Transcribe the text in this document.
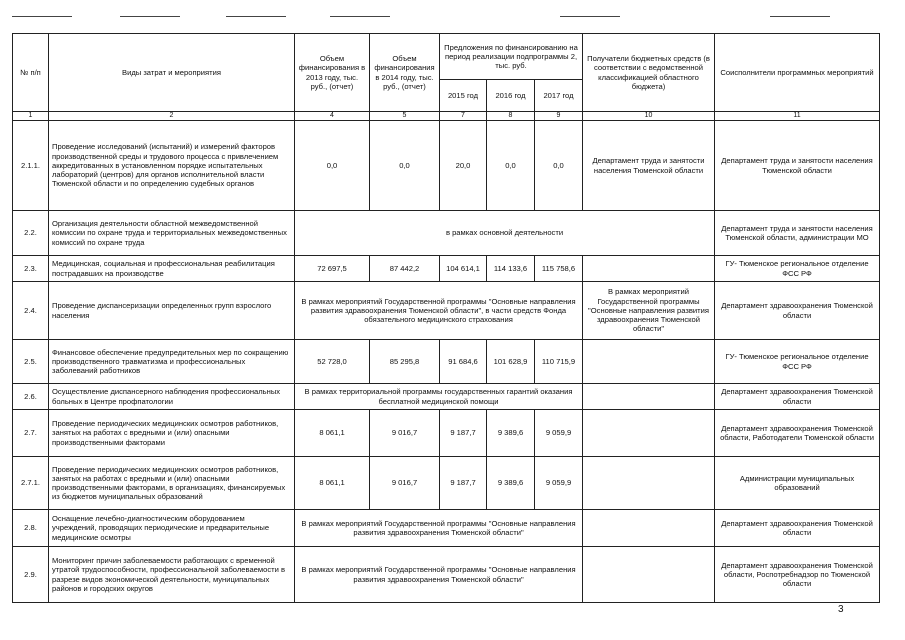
№ п/п	Виды затрат и мероприятия	Объем финансирования в 2013 году, тыс. руб., (отчет)	Объем финансирования в 2014 году, тыс. руб., (отчет)	Предложения по финансированию на период реализации подпрограммы 2, тыс. руб.			Получатели бюджетных средств (в соответствии с ведомственной классификацией областного бюджета)	Соисполнители программных мероприятий
				2015 год	2016 год	2017 год		
1	2	4	5	7	8	9	10	11
2.1.1.	Проведение исследований (испытаний) и измерений факторов производственной среды и трудового процесса с привлечением аккредитованных в установленном порядке испытательных лабораторий (центров) для органов исполнительной власти Тюменской области и по определению судебных органов	0,0	0,0	20,0	0,0	0,0	Департамент труда и занятости населения Тюменской области	Департамент труда и занятости населения Тюменской области
2.2.	Организация деятельности областной межведомственной комиссии по охране труда и территориальных межведомственных комиссий по охране труда	в рамках основной деятельности						Департамент труда и занятости населения Тюменской области, администрации МО
2.3.	Медицинская, социальная и профессиональная реабилитация пострадавших на производстве	72 697,5	87 442,2	104 614,1	114 133,6	115 758,6		ГУ- Тюменское региональное отделение ФСС РФ
2.4.	Проведение диспансеризации определенных групп взрослого населения	В рамках мероприятий Государственной программы "Основные направления развития здравоохранения Тюменской области", в части средств Фонда обязательного медицинского страхования					В рамках мероприятий Государственной программы "Основные направления развития здравоохранения Тюменской области"	Департамент здравоохранения Тюменской области
2.5.	Финансовое обеспечение предупредительных мер по сокращению производственного травматизма и профессиональных заболеваний работников	52 728,0	85 295,8	91 684,6	101 628,9	110 715,9		ГУ- Тюменское региональное отделение ФСС РФ
2.6.	Осуществление диспансерного наблюдения профессиональных больных в Центре профпатологии	В рамках территориальной программы государственных гарантий оказания бесплатной медицинской помощи						Департамент здравоохранения Тюменской области
2.7.	Проведение периодических медицинских осмотров работников, занятых на работах с вредными и (или) опасными производственными факторами	8 061,1	9 016,7	9 187,7	9 389,6	9 059,9		Департамент здравоохранения Тюменской области, Работодатели Тюменской области
2.7.1.	Проведение периодических медицинских осмотров работников, занятых на работах с вредными и (или) опасными производственными факторами, в организациях, финансируемых из бюджетов муниципальных образований	8 061,1	9 016,7	9 187,7	9 389,6	9 059,9		Администрации муниципальных образований
2.8.	Оснащение лечебно-диагностическим оборудованием учреждений, проводящих периодические и предварительные медицинские осмотры	В рамках мероприятий Государственной программы "Основные направления развития здравоохранения Тюменской области"						Департамент здравоохранения Тюменской области
2.9.	Мониторинг причин заболеваемости работающих с временной утратой трудоспособности, профессиональной заболеваемости в разрезе видов экономической деятельности, муниципальных районов и городских округов	В рамках мероприятий Государственной программы "Основные направления развития здравоохранения Тюменской области"						Департамент здравоохранения Тюменской области, Роспотребнадзор по Тюменской области
3
